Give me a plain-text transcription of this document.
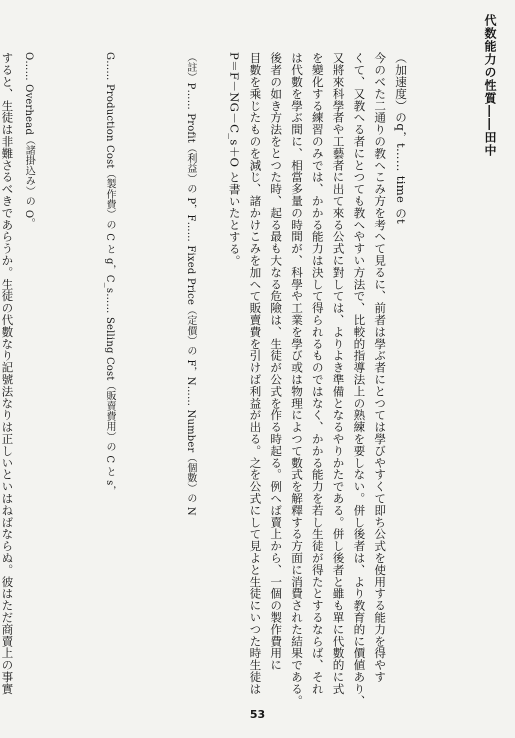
代数能力の性質――田中
（加速度）のq，t…… time のt
今のべた二通りの教へこみ方を考へて見るに、前者は學ぶ者にとつては學びやすくて即ち公式を使用する能力を得やす
くて、又教へる者にとつても教へやすい方法で、比較的指導法上の熟練を要しない。併し後者は、より教育的に價値あり、
又將來科學者や工藝者に出て來る公式に對しては、よりよき準備となるやりかたである。併し後者と雖も單に代數的に式
を變化する練習のみでは、かかる能力は決して得られるものではなく、かかる能力を若し生徒が得たとするならば、それ
は代數を學ぶ間に、相當多量の時間が、科學や工業を學び或は物理によつて數式を解釋する方面に消費された結果である。
後者の如き方法をとつた時、起る最も大なる危險は、生徒が公式を作る時起る。例へば賣上から、一個の製作費用に
目數を乘じたものを減じ、諸かけこみを加へて販賣費を引けば利益が出る。之を公式にして見よと生徒にいつた時生徒は
P＝F－NG－C_s＋O と書いたとする。
（註）P…… Profit（利益）の P，F…… Fixed Price（定價）の F，N…… Number（個數）の N
G…… Production Cost（製作費）の C と g，C_s…… Selling Cost（販賣費用）の C と s，
O…… Overhead（諸掛込み）の O。
すると、生徒は非難さるべきであらうか。生徒の代數なり記號法なりは正しいといはねばならぬ。彼はただ商賣上の事實
53
